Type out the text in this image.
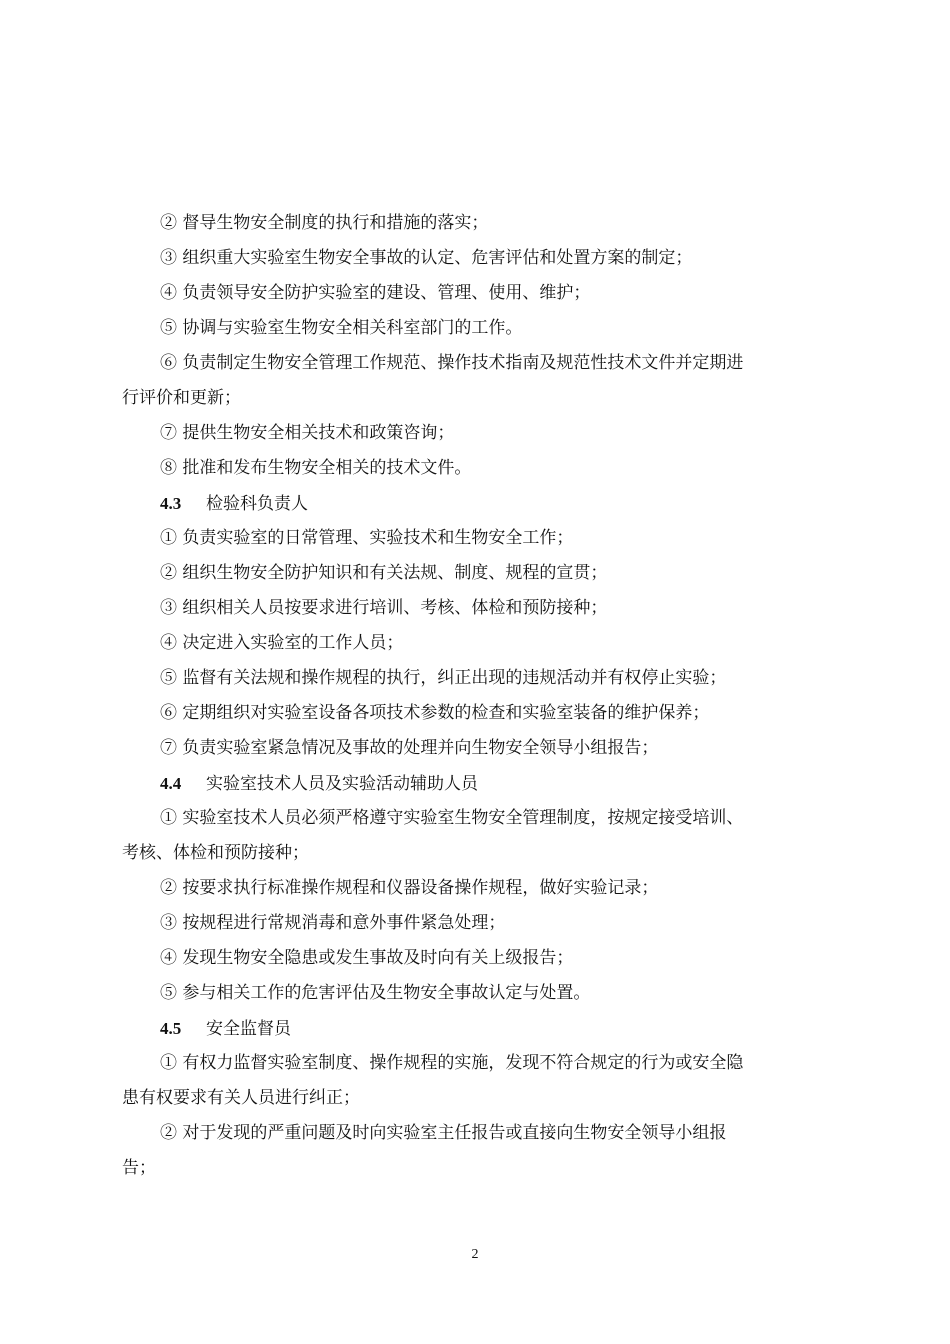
② 督导生物安全制度的执行和措施的落实；
③ 组织重大实验室生物安全事故的认定、危害评估和处置方案的制定；
④ 负责领导安全防护实验室的建设、管理、使用、维护；
⑤ 协调与实验室生物安全相关科室部门的工作。
⑥ 负责制定生物安全管理工作规范、操作技术指南及规范性技术文件并定期进
行评价和更新；
⑦ 提供生物安全相关技术和政策咨询；
⑧ 批准和发布生物安全相关的技术文件。
4.3 检验科负责人
① 负责实验室的日常管理、实验技术和生物安全工作；
② 组织生物安全防护知识和有关法规、制度、规程的宣贯；
③ 组织相关人员按要求进行培训、考核、体检和预防接种；
④ 决定进入实验室的工作人员；
⑤ 监督有关法规和操作规程的执行，纠正出现的违规活动并有权停止实验；
⑥ 定期组织对实验室设备各项技术参数的检查和实验室装备的维护保养；
⑦ 负责实验室紧急情况及事故的处理并向生物安全领导小组报告；
4.4 实验室技术人员及实验活动辅助人员
① 实验室技术人员必须严格遵守实验室生物安全管理制度，按规定接受培训、
考核、体检和预防接种；
② 按要求执行标准操作规程和仪器设备操作规程，做好实验记录；
③ 按规程进行常规消毒和意外事件紧急处理；
④ 发现生物安全隐患或发生事故及时向有关上级报告；
⑤ 参与相关工作的危害评估及生物安全事故认定与处置。
4.5 安全监督员
① 有权力监督实验室制度、操作规程的实施，发现不符合规定的行为或安全隐
患有权要求有关人员进行纠正；
② 对于发现的严重问题及时向实验室主任报告或直接向生物安全领导小组报
告；
2
